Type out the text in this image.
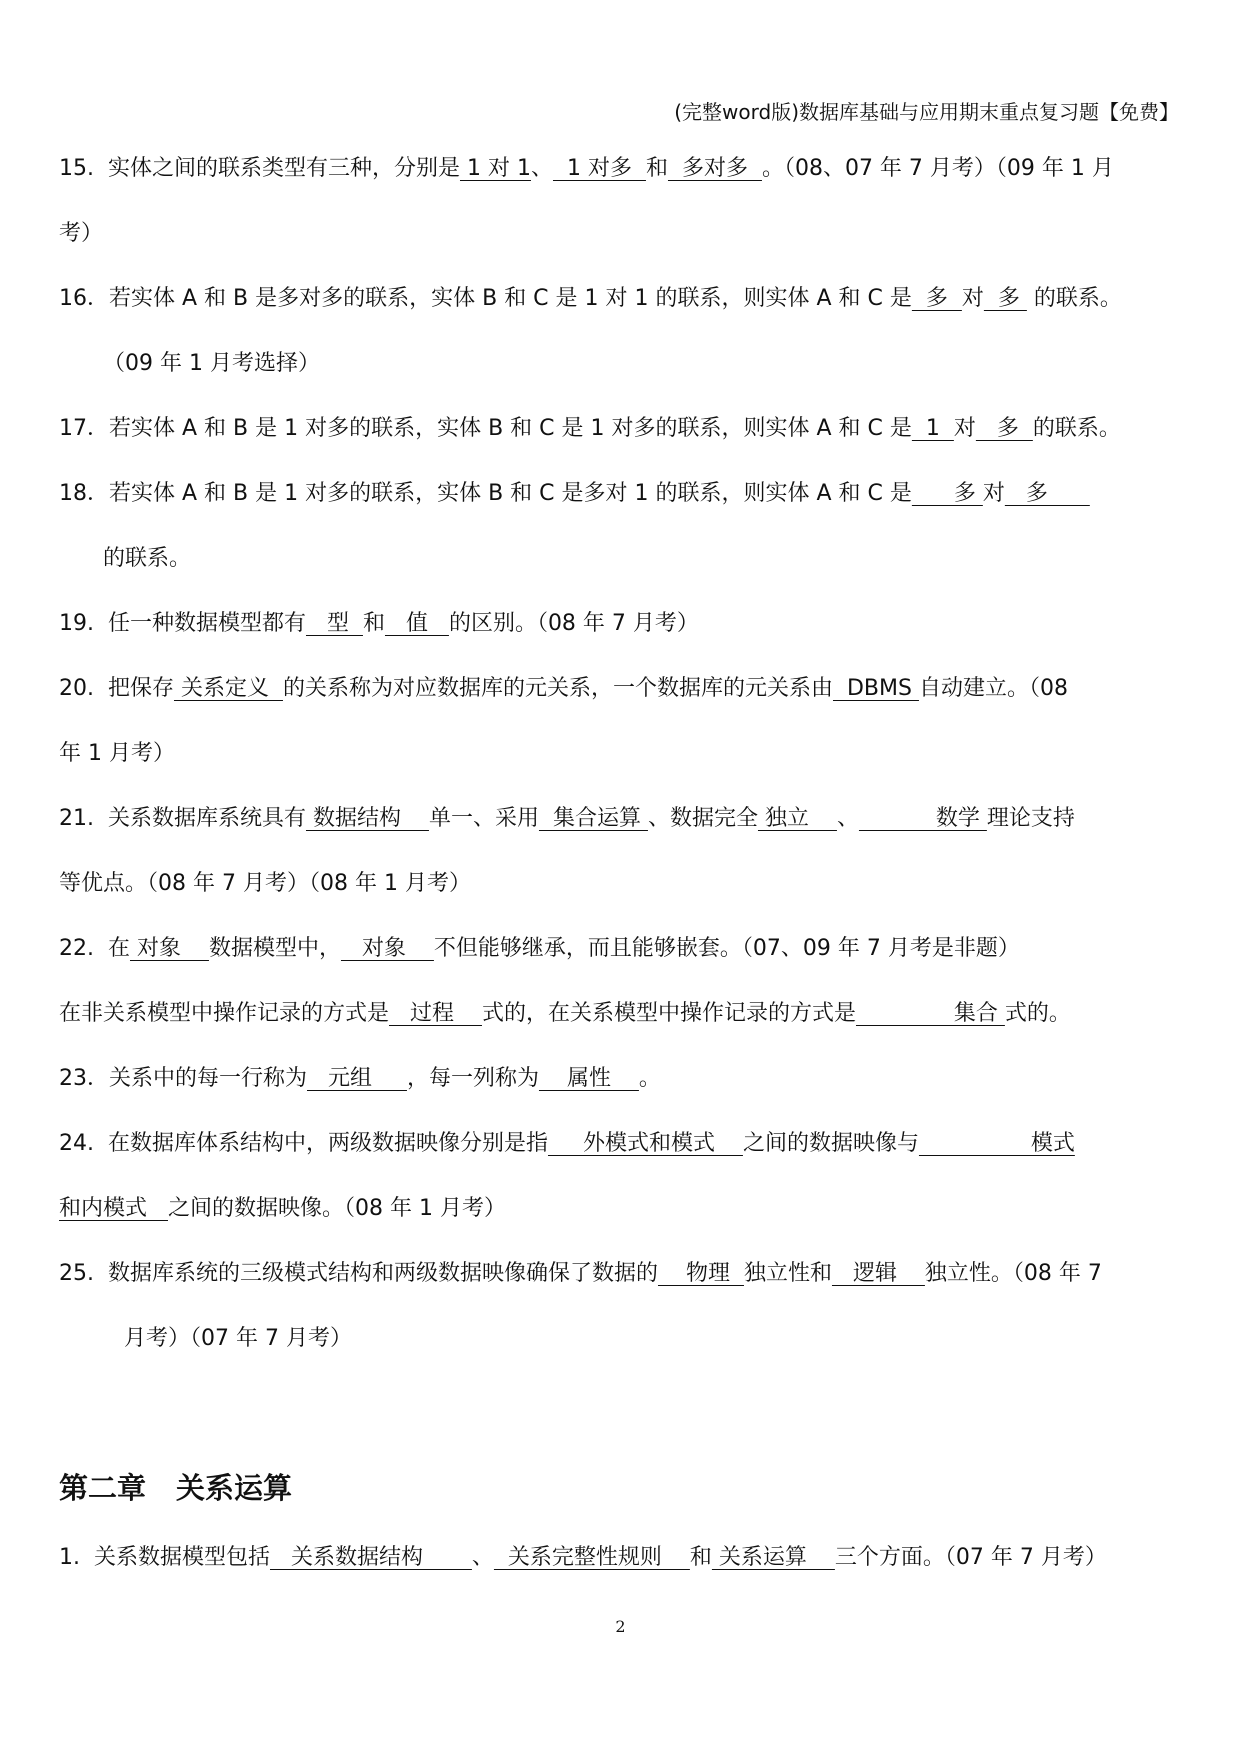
(完整word版)数据库基础与应用期末重点复习题【免费】
15.  实体之间的联系类型有三种，分别是 1 对 1、  1 对多  和  多对多  。（08、07 年 7 月考）（09 年 1 月
考）
16．若实体 A 和 B 是多对多的联系，实体 B 和 C 是 1 对 1 的联系，则实体 A 和 C 是  多  对  多  的联系。
（09 年 1 月考选择）
17．若实体 A 和 B 是 1 对多的联系，实体 B 和 C 是 1 对多的联系，则实体 A 和 C 是  1  对   多  的联系。
18．若实体 A 和 B 是 1 对多的联系，实体 B 和 C 是多对 1 的联系，则实体 A 和 C 是      多 对   多
的联系。
19.  任一种数据模型都有   型  和   值   的区别。（08 年 7 月考）
20.  把保存 关系定义  的关系称为对应数据库的元关系，一个数据库的元关系由  DBMS 自动建立。（08
年 1 月考）
21.  关系数据库系统具有 数据结构    单一、采用  集合运算 、数据完全 独立    、           数学 理论支持
等优点。（08 年 7 月考）（08 年 1 月考）
22.  在 对象    数据模型中，   对象    不但能够继承，而且能够嵌套。（07、09 年 7 月考是非题）
在非关系模型中操作记录的方式是   过程    式的，在关系模型中操作记录的方式是              集合 式的。
23．关系中的每一行称为   元组     ，每一列称为    属性    。
24.  在数据库体系结构中，两级数据映像分别是指     外模式和模式    之间的数据映像与                模式
和内模式   之间的数据映像。（08 年 1 月考）
25.  数据库系统的三级模式结构和两级数据映像确保了数据的    物理  独立性和   逻辑    独立性。（08 年 7
月考）（07 年 7 月考）
第二章 关系运算
1.  关系数据模型包括   关系数据结构       、  关系完整性规则    和 关系运算    三个方面。（07 年 7 月考）
2
